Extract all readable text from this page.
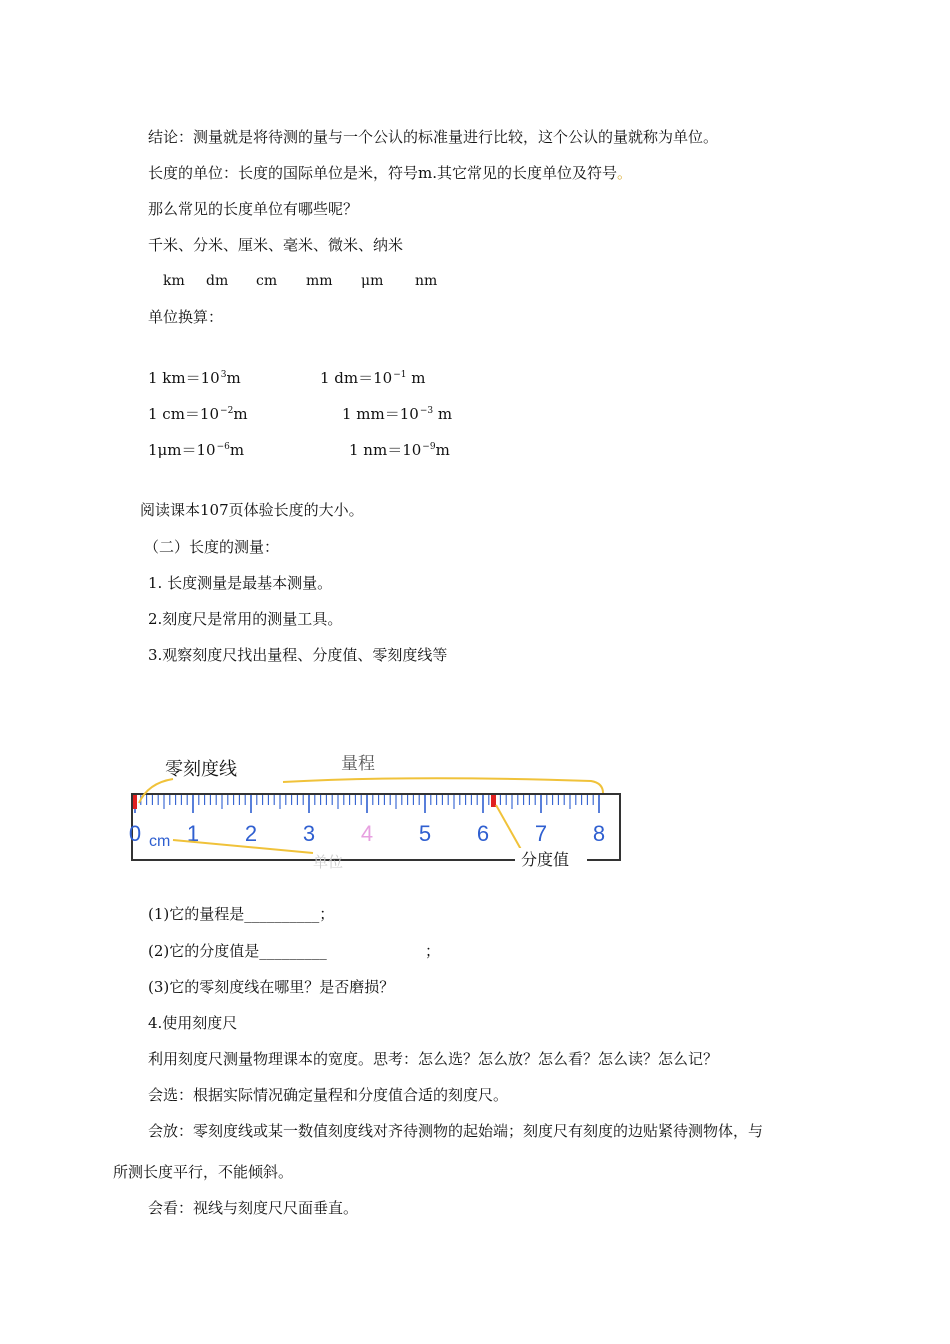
结论：测量就是将待测的量与一个公认的标准量进行比较，这个公认的量就称为单位。
长度的单位：长度的国际单位是米，符号m.其它常见的长度单位及符号。
那么常见的长度单位有哪些呢？
千米、分米、厘米、毫米、微米、纳米
km dm cm mm μm nm
单位换算：
1 $km=10^3m$	1 $dm=10^{-1}$ m
1 $cm=10^{-2}m$	1 $mm=10^{-3}$ m
$1\mu m=10^{-6}m$	1 $nm=10^{-9}m$
阅读课本107页体验长度的大小。
（二）长度的测量：
1. 长度测量是最基本测量。
2.刻度尺是常用的测量工具。
3.观察刻度尺找出量程、分度值、零刻度线等
0 1 2 3 4 5 6 7 8
零刻度线	量程
分度值
cm
单位
(1)它的量程是__________；
(2)它的分度值是_________	；
(3)它的零刻度线在哪里？是否磨损？
4.使用刻度尺
利用刻度尺测量物理课本的宽度。思考：怎么选？怎么放？怎么看？怎么读？怎么记？
会选：根据实际情况确定量程和分度值合适的刻度尺。
会放：零刻度线或某一数值刻度线对齐待测物的起始端；刻度尺有刻度的边贴紧待测物体，与
所测长度平行，不能倾斜。
会看：视线与刻度尺尺面垂直。
